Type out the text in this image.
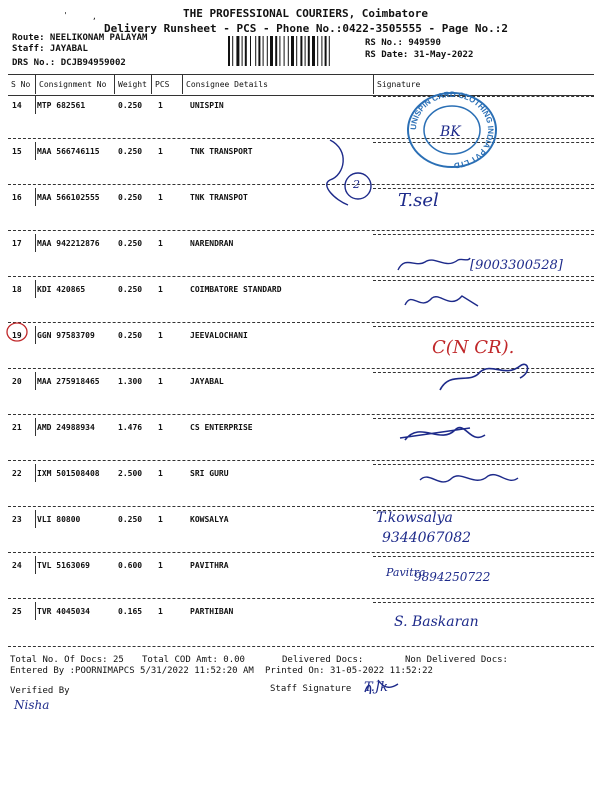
THE PROFESSIONAL COURIERS, Coimbatore
Delivery Runsheet - PCS - Phone No.:0422-3505555 - Page No.:2
'	,
Route: NEELIKONAM PALAYAM
Staff: JAYABAL
DRS No.: DCJB94959002
RS No.: 949590
RS Date: 31-May-2022
S No Consignment No Weight PCS Consignee Details	Signature
14 MTP 682561	0.250 1	UNISPIN
15 MAA 566746115 0.250 1	TNK TRANSPORT
16 MAA 566102555 0.250 1	TNK TRANSPOT
17 MAA 942212876 0.250 1	NARENDRAN
18 KDI 420865	0.250 1	COIMBATORE STANDARD
19 GGN 97583709	0.250 1	JEEVALOCHANI
20 MAA 275918465 1.300 1	JAYABAL
21 AMD 24988934	1.476 1	CS ENTERPRISE
22 IXM 501508408 2.500 1	SRI GURU
23 VLI 80800	0.250 1	KOWSALYA
24 TVL 5163069	0.600 1	PAVITHRA
25 TVR 4045034	0.165 1	PARTHIBAN
UNISPIN CARD CLOTHING INDIA PVT LTD
BK
2
T.sel
[9003300528]
C(N CR).
T.kowsalya
9344067082
Pavitra
9894250722
S. Baskaran
Total No. Of Docs: 25 Total COD Amt: 0.00	Delivered Docs:	Non Delivered Docs:
Entered By :POORNIMAPCS 5/31/2022 11:52:20 AM Printed On: 31-05-2022 11:52:22
Verified By	Staff Signature
Nisha
T.Jk
